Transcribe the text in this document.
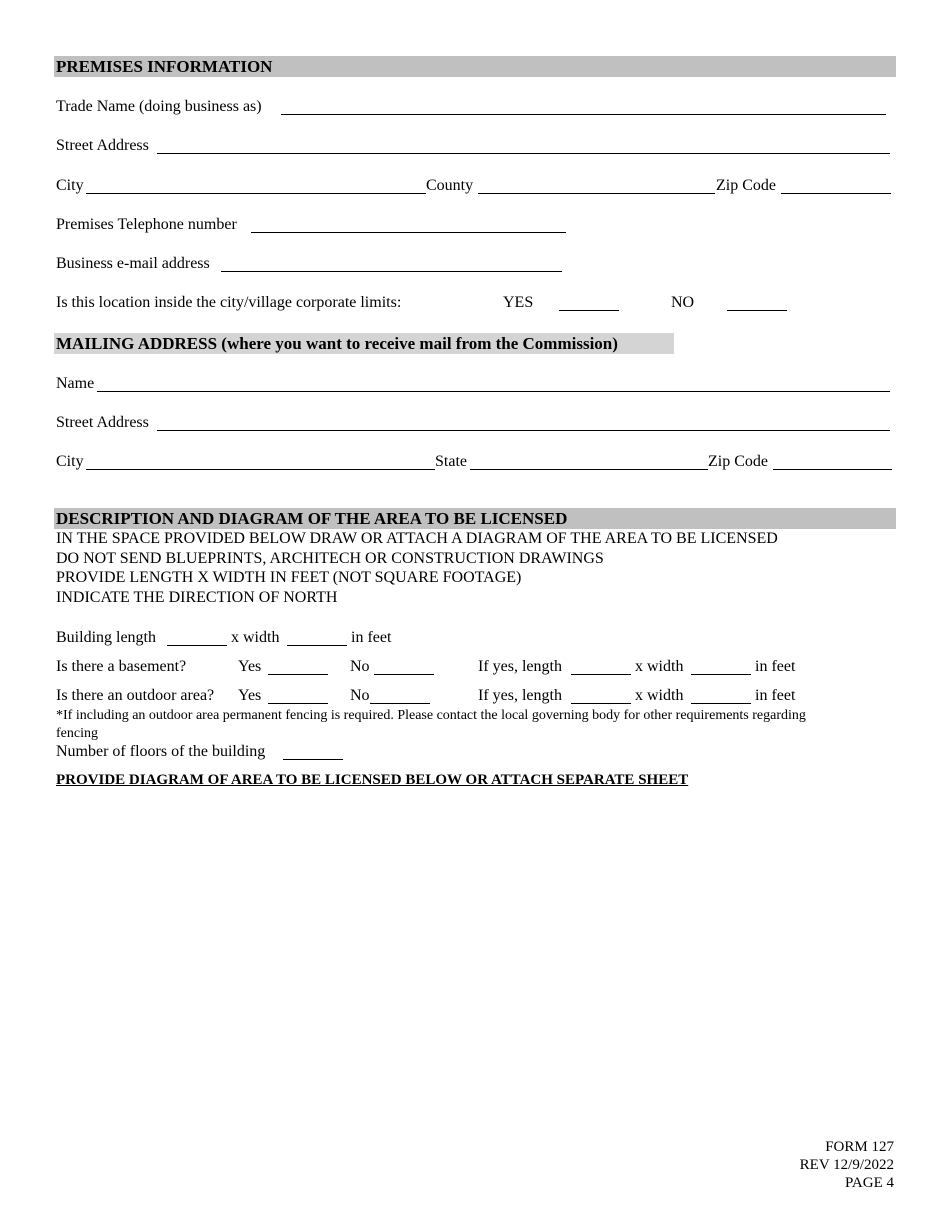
PREMISES INFORMATION
Trade Name (doing business as)
Street Address
City	County	Zip Code
Premises Telephone number
Business e-mail address
Is this location inside the city/village corporate limits:	YES	NO
MAILING ADDRESS (where you want to receive mail from the Commission)
Name
Street Address
City	State	Zip Code
DESCRIPTION AND DIAGRAM OF THE AREA TO BE LICENSED
IN THE SPACE PROVIDED BELOW DRAW OR ATTACH A DIAGRAM OF THE AREA TO BE LICENSED
DO NOT SEND BLUEPRINTS, ARCHITECH OR CONSTRUCTION DRAWINGS
PROVIDE LENGTH X WIDTH IN FEET (NOT SQUARE FOOTAGE)
INDICATE THE DIRECTION OF NORTH
Building length	x width	in feet
Is there a basement?	Yes	No	If yes, length	x width	in feet
Is there an outdoor area? Yes	No	If yes, length	x width	in feet
*If including an outdoor area permanent fencing is required. Please contact the local governing body for other requirements regarding
fencing
Number of floors of the building
PROVIDE DIAGRAM OF AREA TO BE LICENSED BELOW OR ATTACH SEPARATE SHEET
FORM 127
REV 12/9/2022
PAGE 4
